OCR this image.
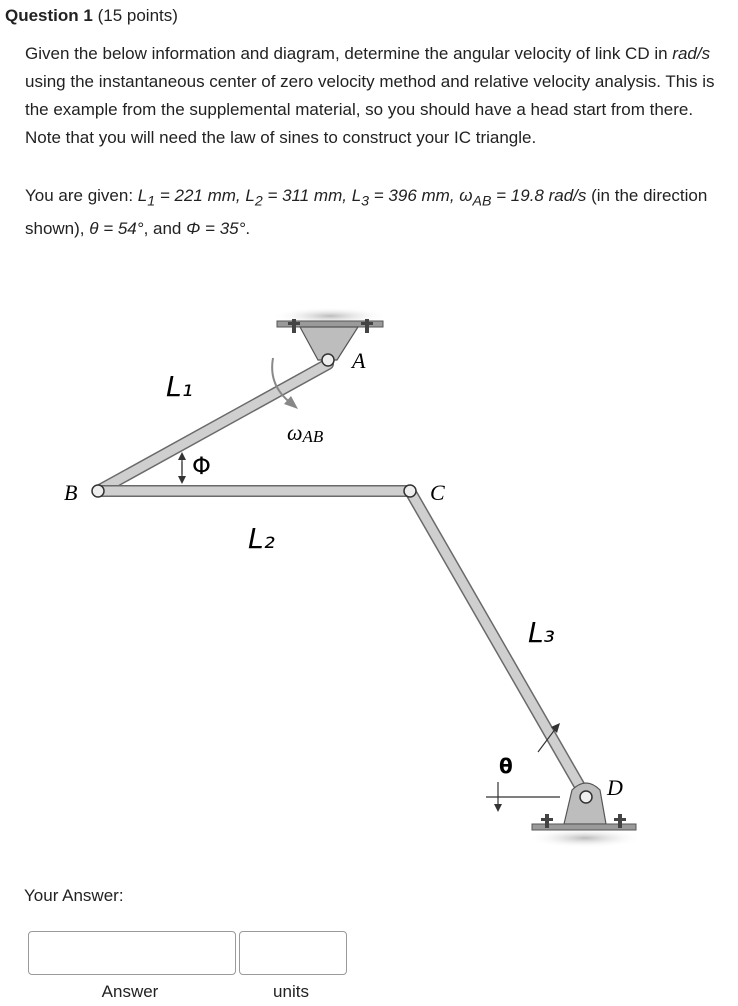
Question 1 (15 points)

Given the below information and diagram, determine the angular velocity of link CD in rad/s using the instantaneous center of zero velocity method and relative velocity analysis. This is the example from the supplemental material, so you should have a head start from there. Note that you will need the law of sines to construct your IC triangle.

You are given: $L_1 = 221$ mm, $L_2 = 311$ mm, $L_3 = 396$ mm, $\omega_{AB} = 19.8$ rad/s (in the direction shown), θ = 54°, and Φ = 35°.

A
B	C
D
L₁
L₂
L₃
ωAB
Φ
θ
Your Answer:
Answer	units
